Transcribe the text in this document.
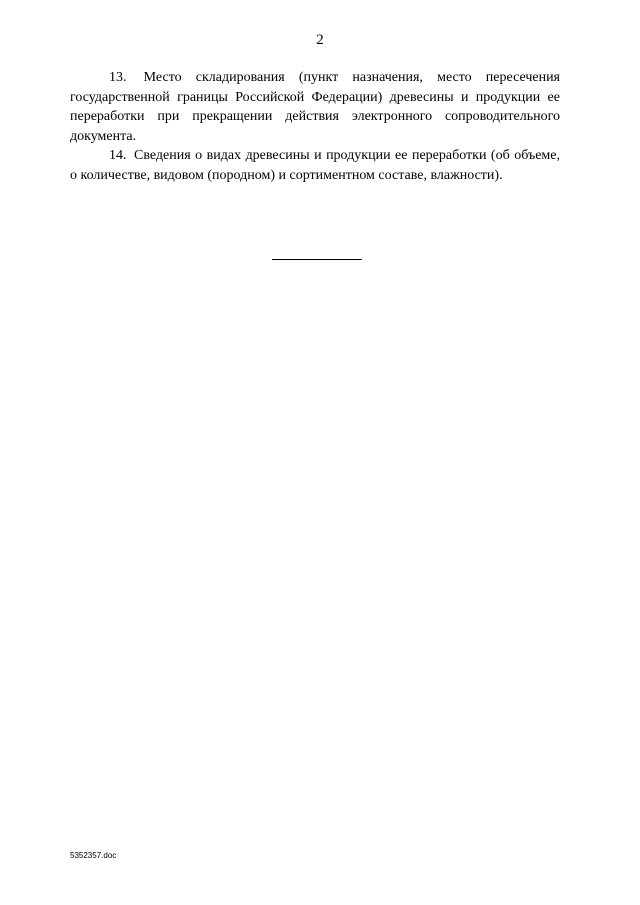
2

13. Место складирования (пункт назначения, место пересечения государственной границы Российской Федерации) древесины и продукции ее переработки при прекращении действия электронного сопроводительного документа.

14. Сведения о видах древесины и продукции ее переработки (об объеме, о количестве, видовом (породном) и сортиментном составе, влажности).

5352357.doc
